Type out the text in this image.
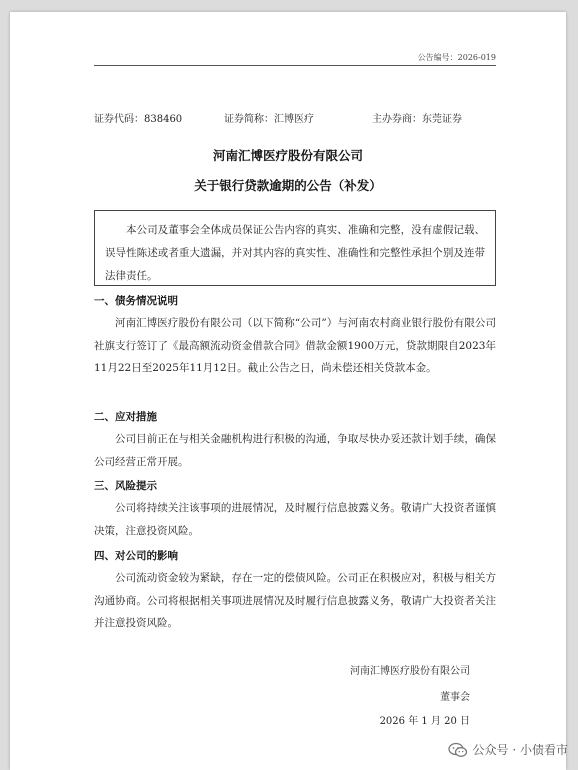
公告编号：2026-019
证券代码：838460	证券简称：汇博医疗	主办券商：东莞证券
河南汇博医疗股份有限公司
关于银行贷款逾期的公告（补发）
本公司及董事会全体成员保证公告内容的真实、准确和完整，没有虚假记载、误导性陈述或者重大遗漏，并对其内容的真实性、准确性和完整性承担个别及连带法律责任。
一、债务情况说明
河南汇博医疗股份有限公司（以下简称“公司”）与河南农村商业银行股份有限公司社旗支行签订了《最高额流动资金借款合同》借款金额1900万元，贷款期限自2023年11月22日至2025年11月12日。截止公告之日，尚未偿还相关贷款本金。
二、应对措施
公司目前正在与相关金融机构进行积极的沟通，争取尽快办妥还款计划手续，确保公司经营正常开展。
三、风险提示
公司将持续关注该事项的进展情况，及时履行信息披露义务。敬请广大投资者谨慎决策，注意投资风险。
四、对公司的影响
公司流动资金较为紧缺，存在一定的偿债风险。公司正在积极应对，积极与相关方沟通协商。公司将根据相关事项进展情况及时履行信息披露义务，敬请广大投资者关注并注意投资风险。
河南汇博医疗股份有限公司
董事会
2026 年 1 月 20 日
公众号 · 小债看市
